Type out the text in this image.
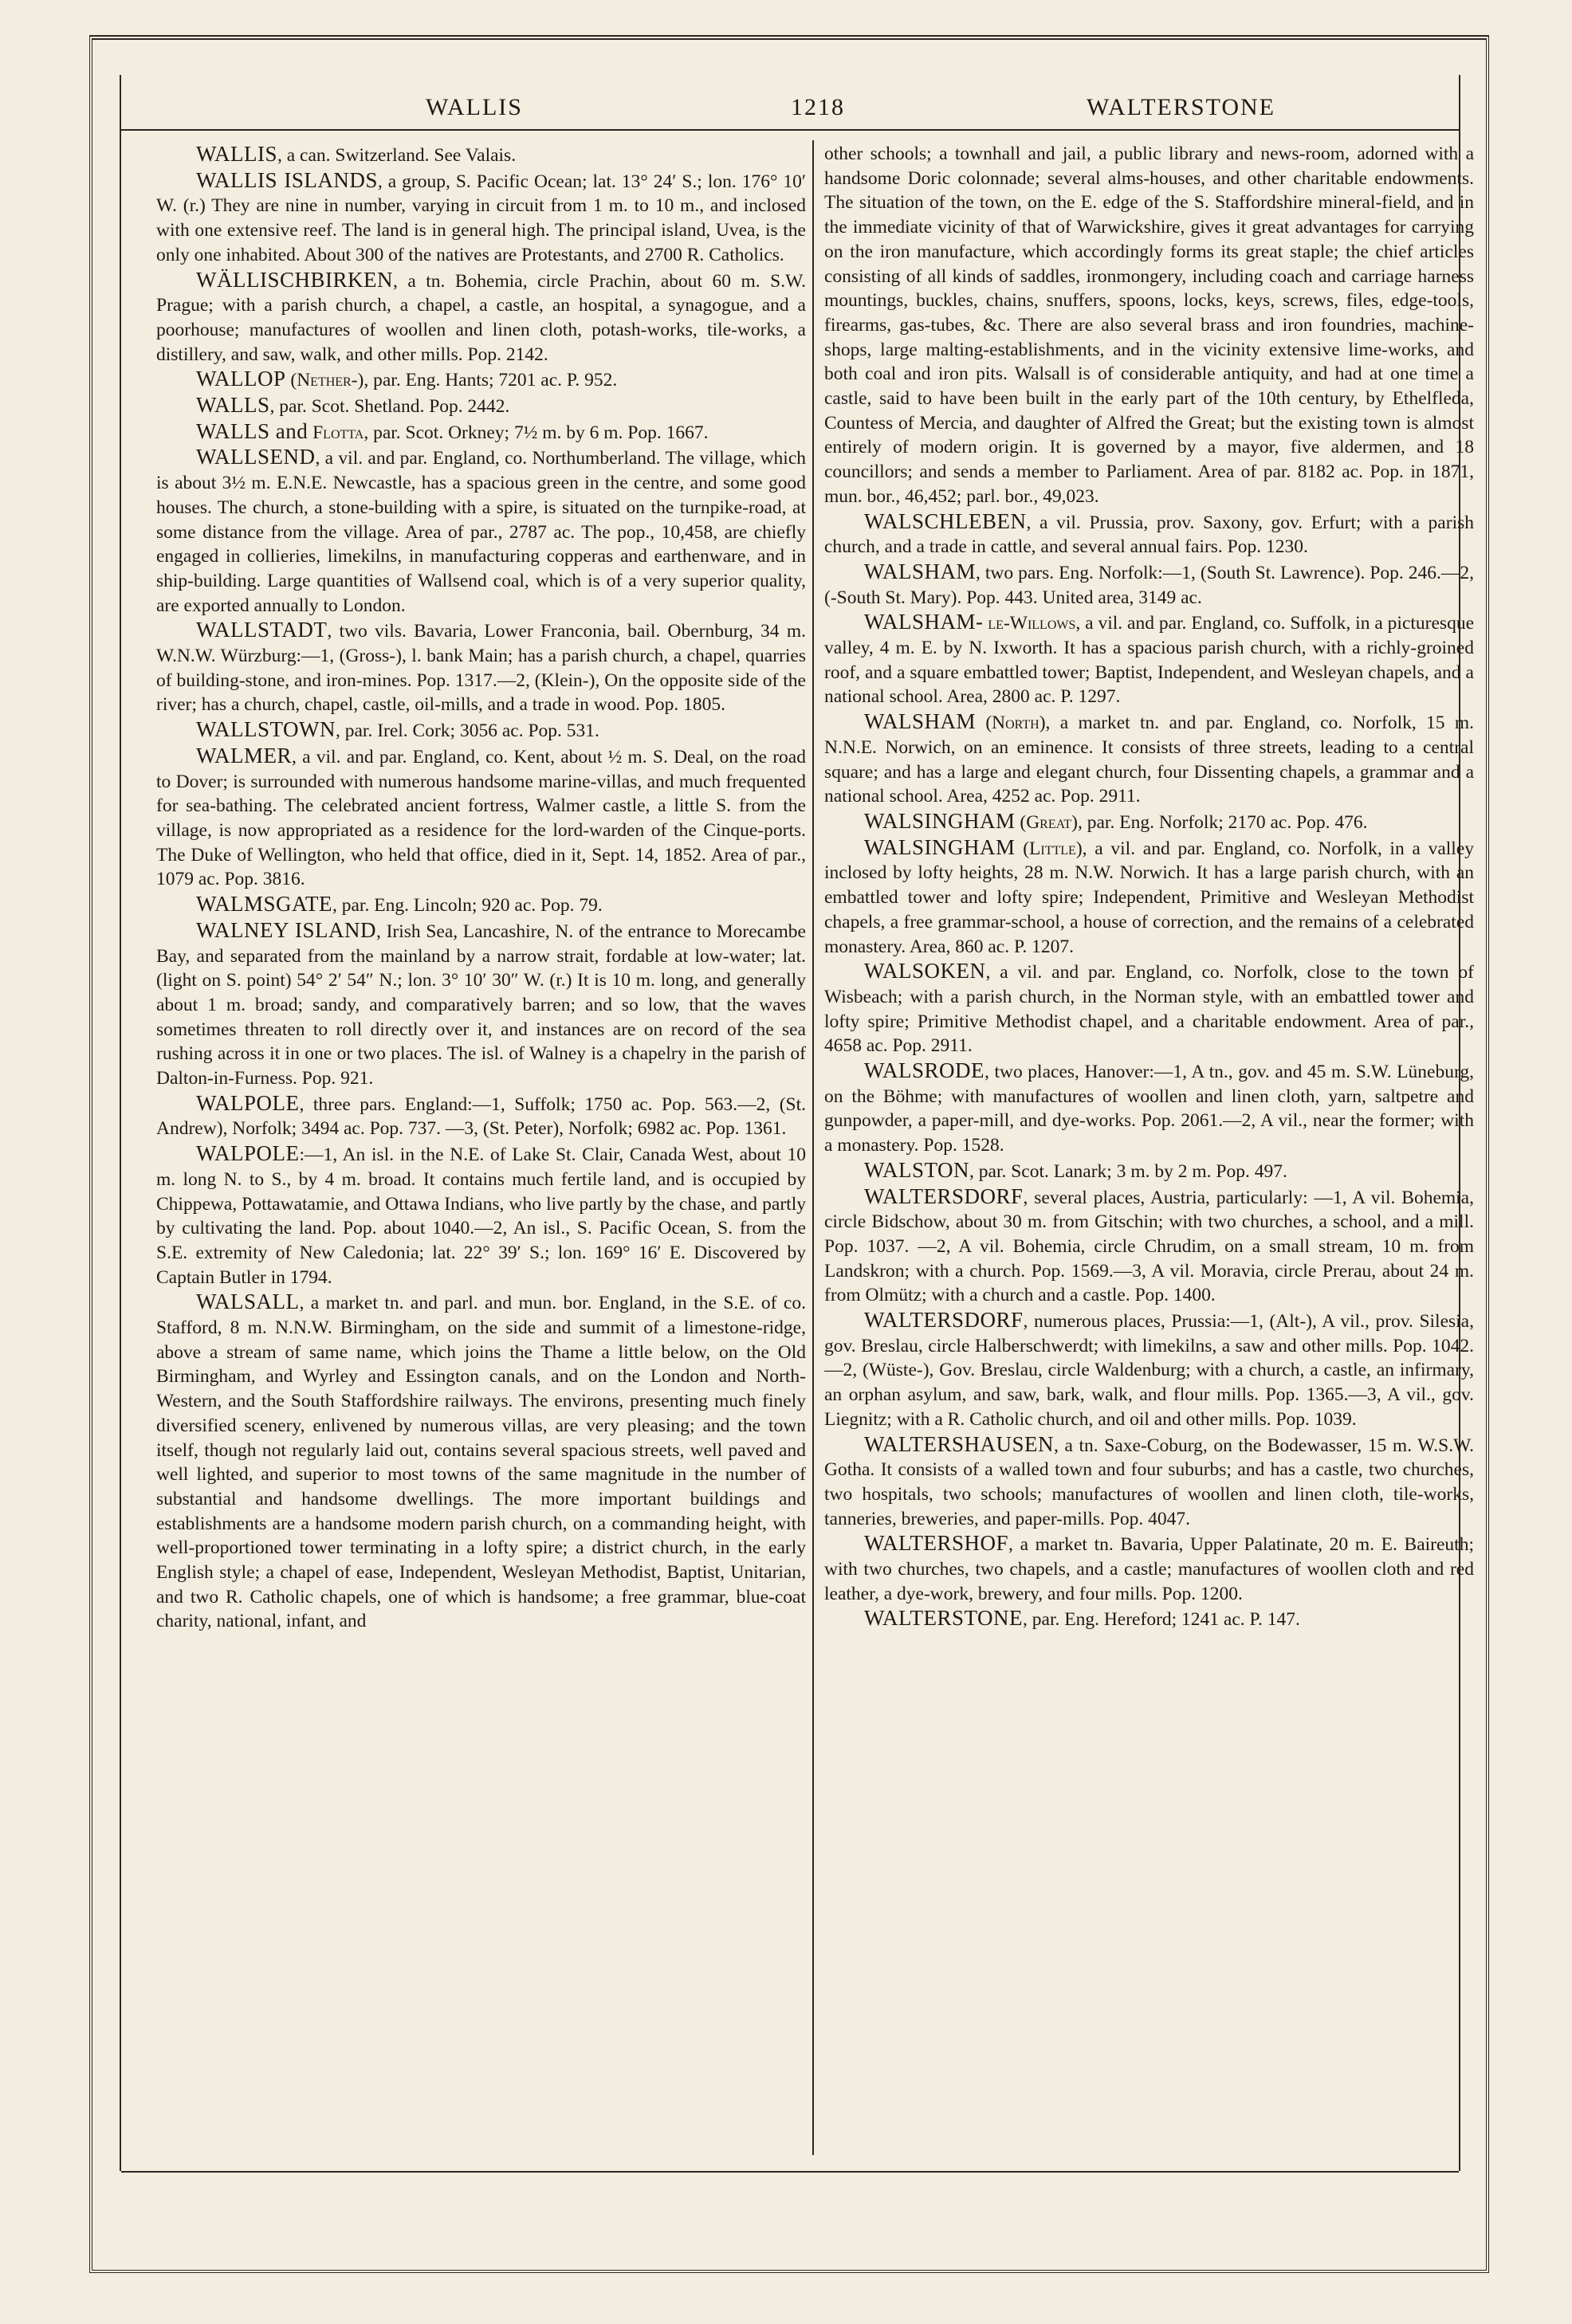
WALLIS	1218	WALTERSTONE

WALLIS, a can. Switzerland. See Valais.

WALLIS ISLANDS, a group, S. Pacific Ocean; lat. 13° 24′ S.; lon. 176° 10′ W. (r.) They are nine in number, varying in circuit from 1 m. to 10 m., and inclosed with one extensive reef. The land is in general high. The principal island, Uvea, is the only one inhabited. About 300 of the natives are Protestants, and 2700 R. Catholics.

WÄLLISCHBIRKEN, a tn. Bohemia, circle Prachin, about 60 m. S.W. Prague; with a parish church, a chapel, a castle, an hospital, a synagogue, and a poorhouse; manufactures of woollen and linen cloth, potash-works, tile-works, a distillery, and saw, walk, and other mills. Pop. 2142.

WALLOP (Nether-), par. Eng. Hants; 7201 ac. P. 952.

WALLS, par. Scot. Shetland. Pop. 2442.

WALLS and Flotta, par. Scot. Orkney; 7½ m. by 6 m. Pop. 1667.

WALLSEND, a vil. and par. England, co. Northumberland. The village, which is about 3½ m. E.N.E. Newcastle, has a spacious green in the centre, and some good houses. The church, a stone-building with a spire, is situated on the turnpike-road, at some distance from the village. Area of par., 2787 ac. The pop., 10,458, are chiefly engaged in collieries, limekilns, in manufacturing copperas and earthenware, and in ship-building. Large quantities of Wallsend coal, which is of a very superior quality, are exported annually to London.

WALLSTADT, two vils. Bavaria, Lower Franconia, bail. Obernburg, 34 m. W.N.W. Würzburg:—1, (Gross-), l. bank Main; has a parish church, a chapel, quarries of building-stone, and iron-mines. Pop. 1317.—2, (Klein-), On the opposite side of the river; has a church, chapel, castle, oil-mills, and a trade in wood. Pop. 1805.

WALLSTOWN, par. Irel. Cork; 3056 ac. Pop. 531.

WALMER, a vil. and par. England, co. Kent, about ½ m. S. Deal, on the road to Dover; is surrounded with numerous handsome marine-villas, and much frequented for sea-bathing. The celebrated ancient fortress, Walmer castle, a little S. from the village, is now appropriated as a residence for the lord-warden of the Cinque-ports. The Duke of Wellington, who held that office, died in it, Sept. 14, 1852. Area of par., 1079 ac. Pop. 3816.

WALMSGATE, par. Eng. Lincoln; 920 ac. Pop. 79.

WALNEY ISLAND, Irish Sea, Lancashire, N. of the entrance to Morecambe Bay, and separated from the mainland by a narrow strait, fordable at low-water; lat. (light on S. point) 54° 2′ 54″ N.; lon. 3° 10′ 30″ W. (r.) It is 10 m. long, and generally about 1 m. broad; sandy, and comparatively barren; and so low, that the waves sometimes threaten to roll directly over it, and instances are on record of the sea rushing across it in one or two places. The isl. of Walney is a chapelry in the parish of Dalton-in-Furness. Pop. 921.

WALPOLE, three pars. England:—1, Suffolk; 1750 ac. Pop. 563.—2, (St. Andrew), Norfolk; 3494 ac. Pop. 737. —3, (St. Peter), Norfolk; 6982 ac. Pop. 1361.

WALPOLE:—1, An isl. in the N.E. of Lake St. Clair, Canada West, about 10 m. long N. to S., by 4 m. broad. It contains much fertile land, and is occupied by Chippewa, Pottawatamie, and Ottawa Indians, who live partly by the chase, and partly by cultivating the land. Pop. about 1040.—2, An isl., S. Pacific Ocean, S. from the S.E. extremity of New Caledonia; lat. 22° 39′ S.; lon. 169° 16′ E. Discovered by Captain Butler in 1794.

WALSALL, a market tn. and parl. and mun. bor. England, in the S.E. of co. Stafford, 8 m. N.N.W. Birmingham, on the side and summit of a limestone-ridge, above a stream of same name, which joins the Thame a little below, on the Old Birmingham, and Wyrley and Essington canals, and on the London and North-Western, and the South Staffordshire railways. The environs, presenting much finely diversified scenery, enlivened by numerous villas, are very pleasing; and the town itself, though not regularly laid out, contains several spacious streets, well paved and well lighted, and superior to most towns of the same magnitude in the number of substantial and handsome dwellings. The more important buildings and establishments are a handsome modern parish church, on a commanding height, with well-proportioned tower terminating in a lofty spire; a district church, in the early English style; a chapel of ease, Independent, Wesleyan Methodist, Baptist, Unitarian, and two R. Catholic chapels, one of which is handsome; a free grammar, blue-coat charity, national, infant, and

other schools; a townhall and jail, a public library and news-room, adorned with a handsome Doric colonnade; several alms-houses, and other charitable endowments. The situation of the town, on the E. edge of the S. Staffordshire mineral-field, and in the immediate vicinity of that of Warwickshire, gives it great advantages for carrying on the iron manufacture, which accordingly forms its great staple; the chief articles consisting of all kinds of saddles, ironmongery, including coach and carriage harness mountings, buckles, chains, snuffers, spoons, locks, keys, screws, files, edge-tools, firearms, gas-tubes, &c. There are also several brass and iron foundries, machine-shops, large malting-establishments, and in the vicinity extensive lime-works, and both coal and iron pits. Walsall is of considerable antiquity, and had at one time a castle, said to have been built in the early part of the 10th century, by Ethelfleda, Countess of Mercia, and daughter of Alfred the Great; but the existing town is almost entirely of modern origin. It is governed by a mayor, five aldermen, and 18 councillors; and sends a member to Parliament. Area of par. 8182 ac. Pop. in 1871, mun. bor., 46,452; parl. bor., 49,023.

WALSCHLEBEN, a vil. Prussia, prov. Saxony, gov. Erfurt; with a parish church, and a trade in cattle, and several annual fairs. Pop. 1230.

WALSHAM, two pars. Eng. Norfolk:—1, (South St. Lawrence). Pop. 246.—2, (-South St. Mary). Pop. 443. United area, 3149 ac.

WALSHAM- le-Willows, a vil. and par. England, co. Suffolk, in a picturesque valley, 4 m. E. by N. Ixworth. It has a spacious parish church, with a richly-groined roof, and a square embattled tower; Baptist, Independent, and Wesleyan chapels, and a national school. Area, 2800 ac. P. 1297.

WALSHAM (North), a market tn. and par. England, co. Norfolk, 15 m. N.N.E. Norwich, on an eminence. It consists of three streets, leading to a central square; and has a large and elegant church, four Dissenting chapels, a grammar and a national school. Area, 4252 ac. Pop. 2911.

WALSINGHAM (Great), par. Eng. Norfolk; 2170 ac. Pop. 476.

WALSINGHAM (Little), a vil. and par. England, co. Norfolk, in a valley inclosed by lofty heights, 28 m. N.W. Norwich. It has a large parish church, with an embattled tower and lofty spire; Independent, Primitive and Wesleyan Methodist chapels, a free grammar-school, a house of correction, and the remains of a celebrated monastery. Area, 860 ac. P. 1207.

WALSOKEN, a vil. and par. England, co. Norfolk, close to the town of Wisbeach; with a parish church, in the Norman style, with an embattled tower and lofty spire; Primitive Methodist chapel, and a charitable endowment. Area of par., 4658 ac. Pop. 2911.

WALSRODE, two places, Hanover:—1, A tn., gov. and 45 m. S.W. Lüneburg, on the Böhme; with manufactures of woollen and linen cloth, yarn, saltpetre and gunpowder, a paper-mill, and dye-works. Pop. 2061.—2, A vil., near the former; with a monastery. Pop. 1528.

WALSTON, par. Scot. Lanark; 3 m. by 2 m. Pop. 497.

WALTERSDORF, several places, Austria, particularly: —1, A vil. Bohemia, circle Bidschow, about 30 m. from Gitschin; with two churches, a school, and a mill. Pop. 1037. —2, A vil. Bohemia, circle Chrudim, on a small stream, 10 m. from Landskron; with a church. Pop. 1569.—3, A vil. Moravia, circle Prerau, about 24 m. from Olmütz; with a church and a castle. Pop. 1400.

WALTERSDORF, numerous places, Prussia:—1, (Alt-), A vil., prov. Silesia, gov. Breslau, circle Halberschwerdt; with limekilns, a saw and other mills. Pop. 1042.—2, (Wüste-), Gov. Breslau, circle Waldenburg; with a church, a castle, an infirmary, an orphan asylum, and saw, bark, walk, and flour mills. Pop. 1365.—3, A vil., gov. Liegnitz; with a R. Catholic church, and oil and other mills. Pop. 1039.

WALTERSHAUSEN, a tn. Saxe-Coburg, on the Bodewasser, 15 m. W.S.W. Gotha. It consists of a walled town and four suburbs; and has a castle, two churches, two hospitals, two schools; manufactures of woollen and linen cloth, tile-works, tanneries, breweries, and paper-mills. Pop. 4047.

WALTERSHOF, a market tn. Bavaria, Upper Palatinate, 20 m. E. Baireuth; with two churches, two chapels, and a castle; manufactures of woollen cloth and red leather, a dye-work, brewery, and four mills. Pop. 1200.

WALTERSTONE, par. Eng. Hereford; 1241 ac. P. 147.
